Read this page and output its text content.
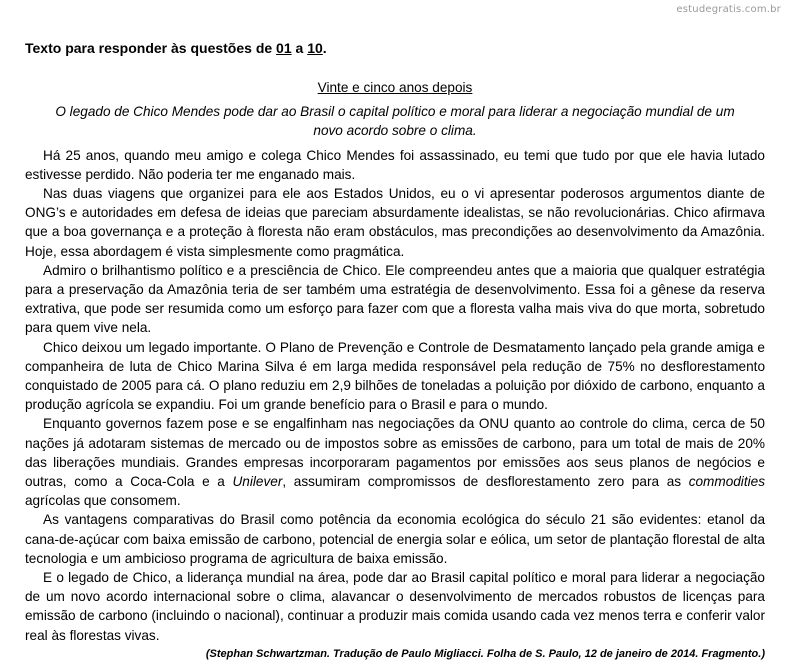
estudegratis.com.br
Texto para responder às questões de 01 a 10.
Vinte e cinco anos depois
O legado de Chico Mendes pode dar ao Brasil o capital político e moral para liderar a negociação mundial de um novo acordo sobre o clima.

Há 25 anos, quando meu amigo e colega Chico Mendes foi assassinado, eu temi que tudo por que ele havia lutado estivesse perdido. Não poderia ter me enganado mais.

Nas duas viagens que organizei para ele aos Estados Unidos, eu o vi apresentar poderosos argumentos diante de ONG’s e autoridades em defesa de ideias que pareciam absurdamente idealistas, se não revolucionárias. Chico afirmava que a boa governança e a proteção à floresta não eram obstáculos, mas precondições ao desenvolvimento da Amazônia. Hoje, essa abordagem é vista simplesmente como pragmática.

Admiro o brilhantismo político e a presciência de Chico. Ele compreendeu antes que a maioria que qualquer estratégia para a preservação da Amazônia teria de ser também uma estratégia de desenvolvimento. Essa foi a gênese da reserva extrativa, que pode ser resumida como um esforço para fazer com que a floresta valha mais viva do que morta, sobretudo para quem vive nela.

Chico deixou um legado importante. O Plano de Prevenção e Controle de Desmatamento lançado pela grande amiga e companheira de luta de Chico Marina Silva é em larga medida responsável pela redução de 75% no desflorestamento conquistado de 2005 para cá. O plano reduziu em 2,9 bilhões de toneladas a poluição por dióxido de carbono, enquanto a produção agrícola se expandiu. Foi um grande benefício para o Brasil e para o mundo.

Enquanto governos fazem pose e se engalfinham nas negociações da ONU quanto ao controle do clima, cerca de 50 nações já adotaram sistemas de mercado ou de impostos sobre as emissões de carbono, para um total de mais de 20% das liberações mundiais. Grandes empresas incorporaram pagamentos por emissões aos seus planos de negócios e outras, como a Coca-Cola e a Unilever, assumiram compromissos de desflorestamento zero para as commodities agrícolas que consomem.

As vantagens comparativas do Brasil como potência da economia ecológica do século 21 são evidentes: etanol da cana-de-açúcar com baixa emissão de carbono, potencial de energia solar e eólica, um setor de plantação florestal de alta tecnologia e um ambicioso programa de agricultura de baixa emissão.

E o legado de Chico, a liderança mundial na área, pode dar ao Brasil capital político e moral para liderar a negociação de um novo acordo internacional sobre o clima, alavancar o desenvolvimento de mercados robustos de licenças para emissão de carbono (incluindo o nacional), continuar a produzir mais comida usando cada vez menos terra e conferir valor real às florestas vivas.

(Stephan Schwartzman. Tradução de Paulo Migliacci. Folha de S. Paulo, 12 de janeiro de 2014. Fragmento.)
